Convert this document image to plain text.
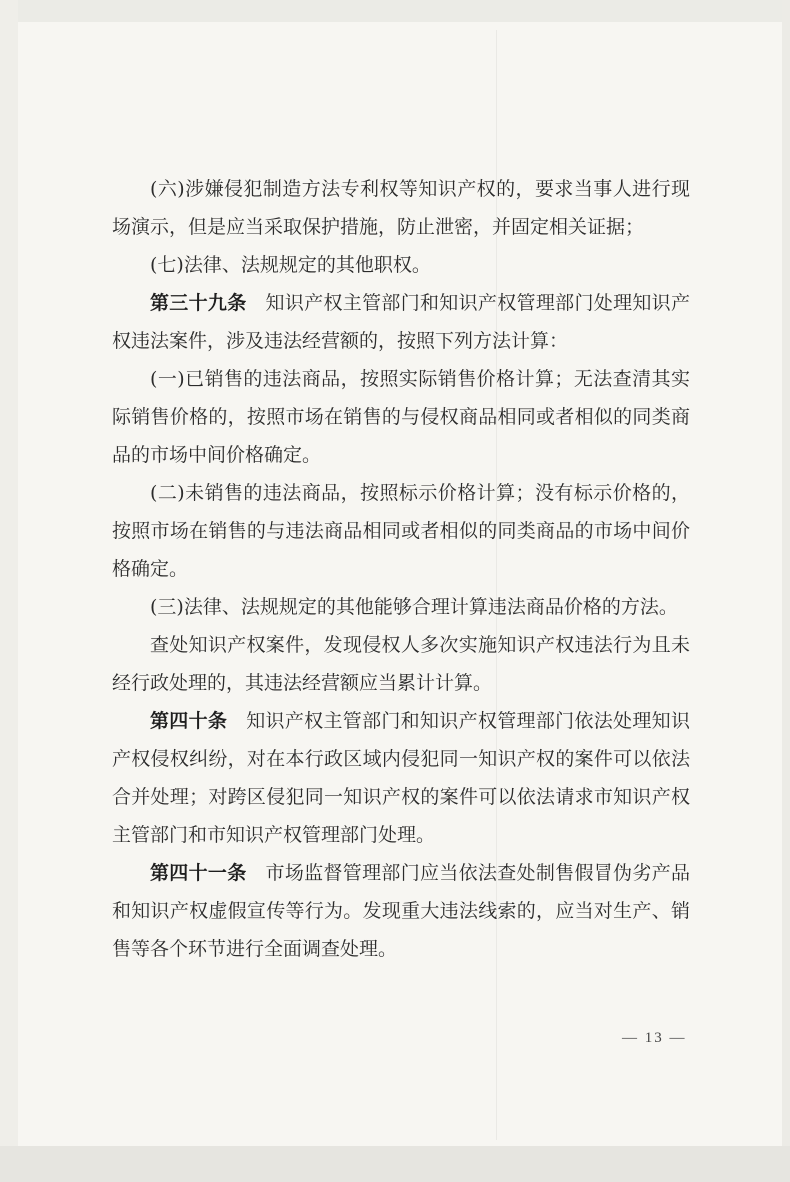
(六)涉嫌侵犯制造方法专利权等知识产权的，要求当事人进行现场演示，但是应当采取保护措施，防止泄密，并固定相关证据；

(七)法律、法规规定的其他职权。

第三十九条 知识产权主管部门和知识产权管理部门处理知识产权违法案件，涉及违法经营额的，按照下列方法计算：

(一)已销售的违法商品，按照实际销售价格计算；无法查清其实际销售价格的，按照市场在销售的与侵权商品相同或者相似的同类商品的市场中间价格确定。

(二)未销售的违法商品，按照标示价格计算；没有标示价格的，按照市场在销售的与违法商品相同或者相似的同类商品的市场中间价格确定。

(三)法律、法规规定的其他能够合理计算违法商品价格的方法。

查处知识产权案件，发现侵权人多次实施知识产权违法行为且未经行政处理的，其违法经营额应当累计计算。

第四十条 知识产权主管部门和知识产权管理部门依法处理知识产权侵权纠纷，对在本行政区域内侵犯同一知识产权的案件可以依法合并处理；对跨区侵犯同一知识产权的案件可以依法请求市知识产权主管部门和市知识产权管理部门处理。

第四十一条 市场监督管理部门应当依法查处制售假冒伪劣产品和知识产权虚假宣传等行为。发现重大违法线索的，应当对生产、销售等各个环节进行全面调查处理。

— 13 —
